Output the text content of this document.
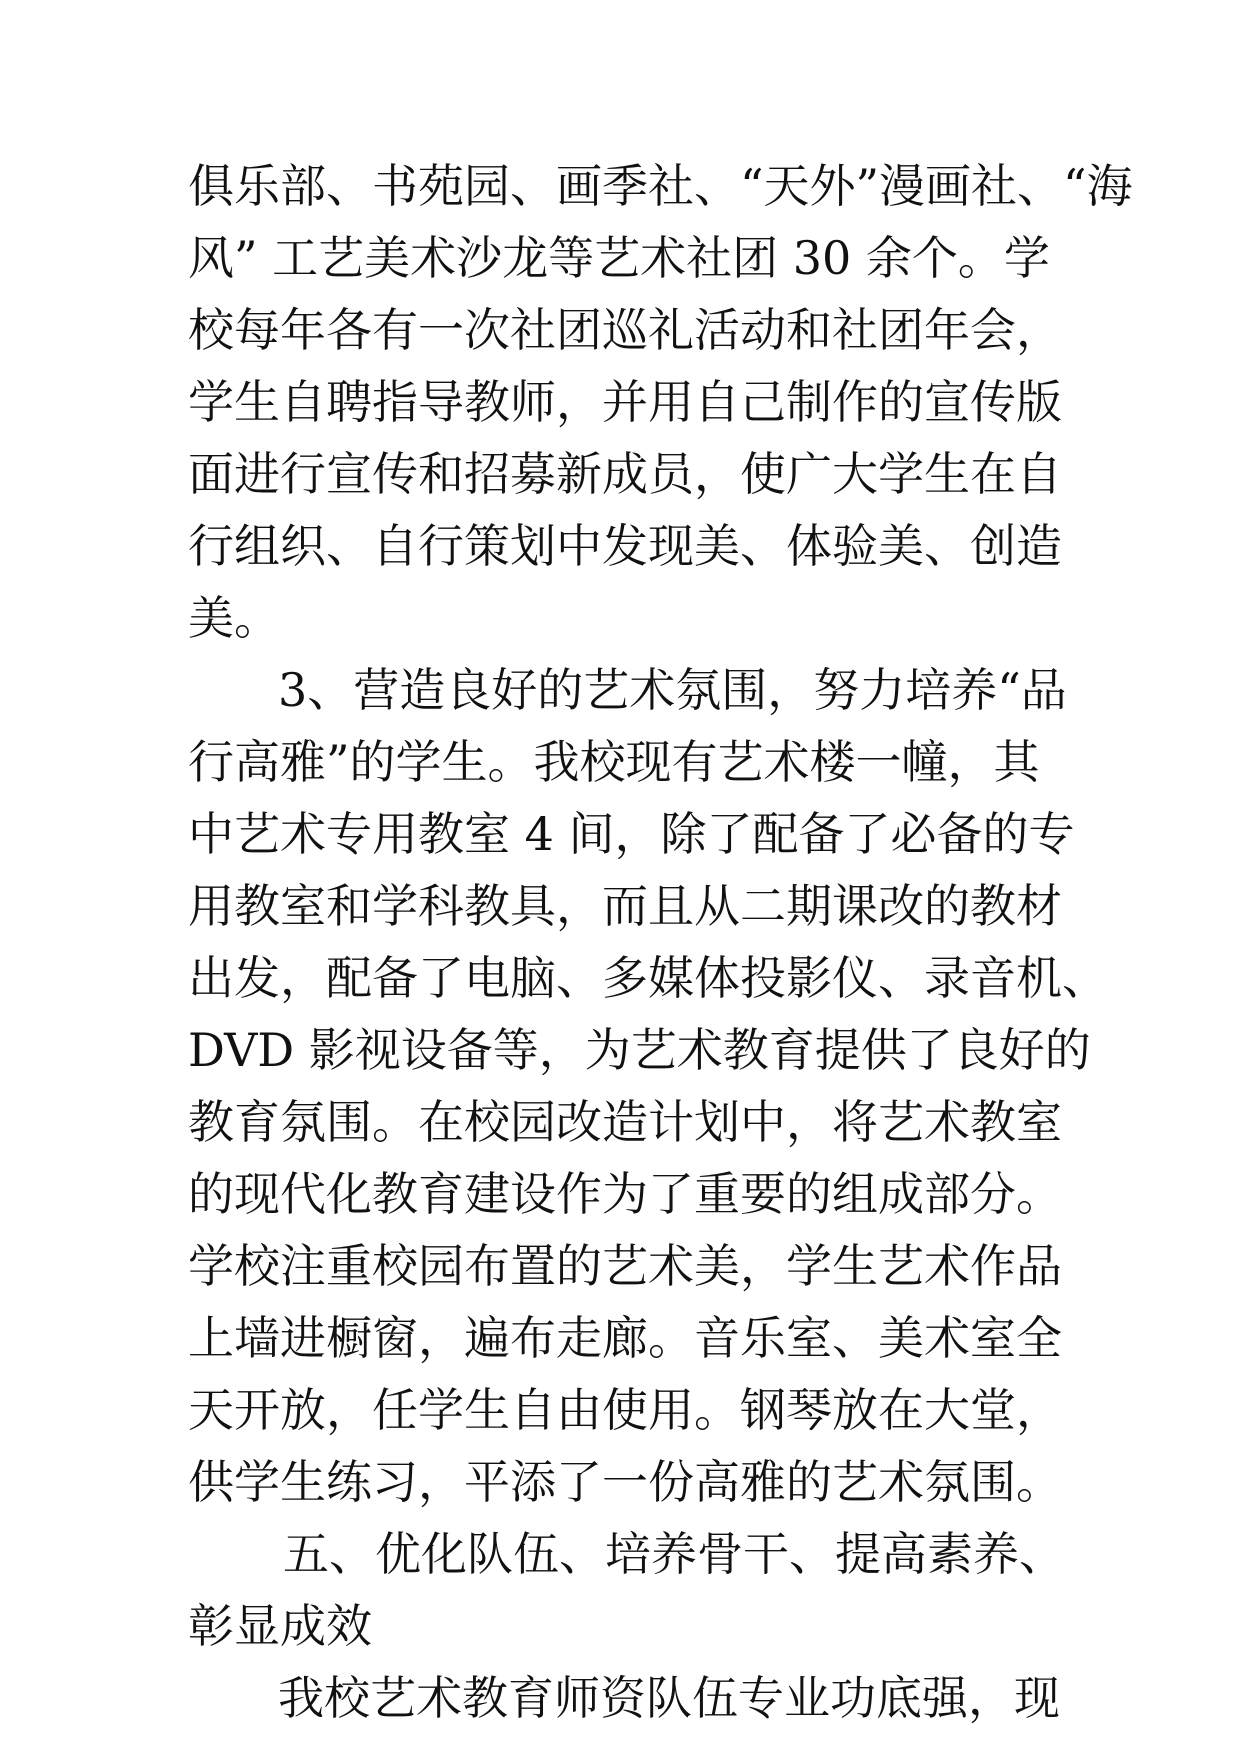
俱乐部、书苑园、画季社、“天外”漫画社、“海
风” 工艺美术沙龙等艺术社团 30 余个。学
校每年各有一次社团巡礼活动和社团年会，
学生自聘指导教师，并用自己制作的宣传版
面进行宣传和招募新成员，使广大学生在自
行组织、自行策划中发现美、体验美、创造
美。
3、营造良好的艺术氛围，努力培养“品
行高雅”的学生。我校现有艺术楼一幢，其
中艺术专用教室 4 间，除了配备了必备的专
用教室和学科教具，而且从二期课改的教材
出发，配备了电脑、多媒体投影仪、录音机、
DVD 影视设备等，为艺术教育提供了良好的
教育氛围。在校园改造计划中，将艺术教室
的现代化教育建设作为了重要的组成部分。
学校注重校园布置的艺术美，学生艺术作品
上墙进橱窗，遍布走廊。音乐室、美术室全
天开放，任学生自由使用。钢琴放在大堂，
供学生练习，平添了一份高雅的艺术氛围。
五、优化队伍、培养骨干、提高素养、
彰显成效
我校艺术教育师资队伍专业功底强，现
